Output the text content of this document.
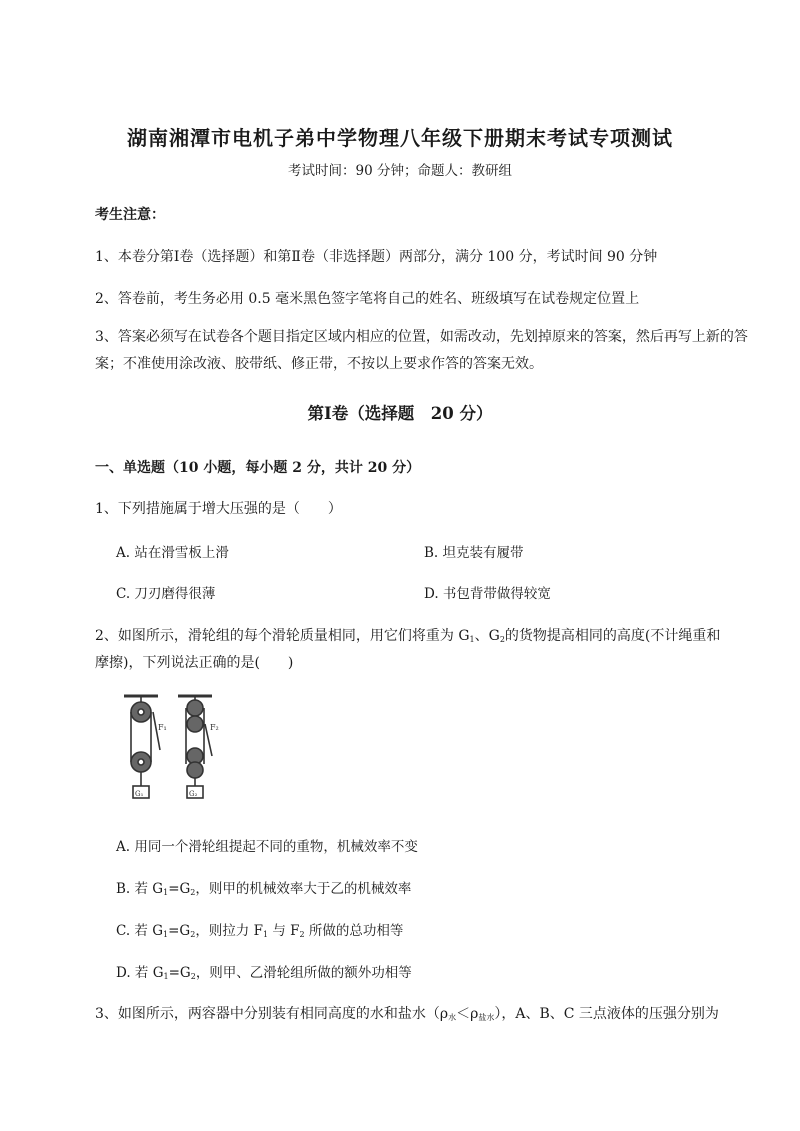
湖南湘潭市电机子弟中学物理八年级下册期末考试专项测试
考试时间：90 分钟；命题人：教研组
考生注意：
1、本卷分第Ⅰ卷（选择题）和第Ⅱ卷（非选择题）两部分，满分 100 分，考试时间 90 分钟
2、答卷前，考生务必用 0.5 毫米黑色签字笔将自己的姓名、班级填写在试卷规定位置上
3、答案必须写在试卷各个题目指定区域内相应的位置，如需改动，先划掉原来的答案，然后再写上新的答案；不准使用涂改液、胶带纸、修正带，不按以上要求作答的答案无效。
第Ⅰ卷（选择题　20 分）
一、单选题（10 小题，每小题 2 分，共计 20 分）
1、下列措施属于增大压强的是（　　）
A. 站在滑雪板上滑	B. 坦克装有履带
C. 刀刃磨得很薄	D. 书包背带做得较宽
2、如图所示，滑轮组的每个滑轮质量相同，用它们将重为 $G_1$、$G_2$的货物提高相同的高度(不计绳重和
摩擦)，下列说法正确的是(　　)
F₁	F₂
G₁	G₂
A. 用同一个滑轮组提起不同的重物，机械效率不变
B. 若 $G_1=G_2$，则甲的机械效率大于乙的机械效率
C. 若 $G_1=G_2$，则拉力 $F_1$ 与 $F_2$ 所做的总功相等
D. 若 $G_1=G_2$，则甲、乙滑轮组所做的额外功相等
3、如图所示，两容器中分别装有相同高度的水和盐水$(\rho_水<\rho_{盐水})$，A、B、C 三点液体的压强分别为
